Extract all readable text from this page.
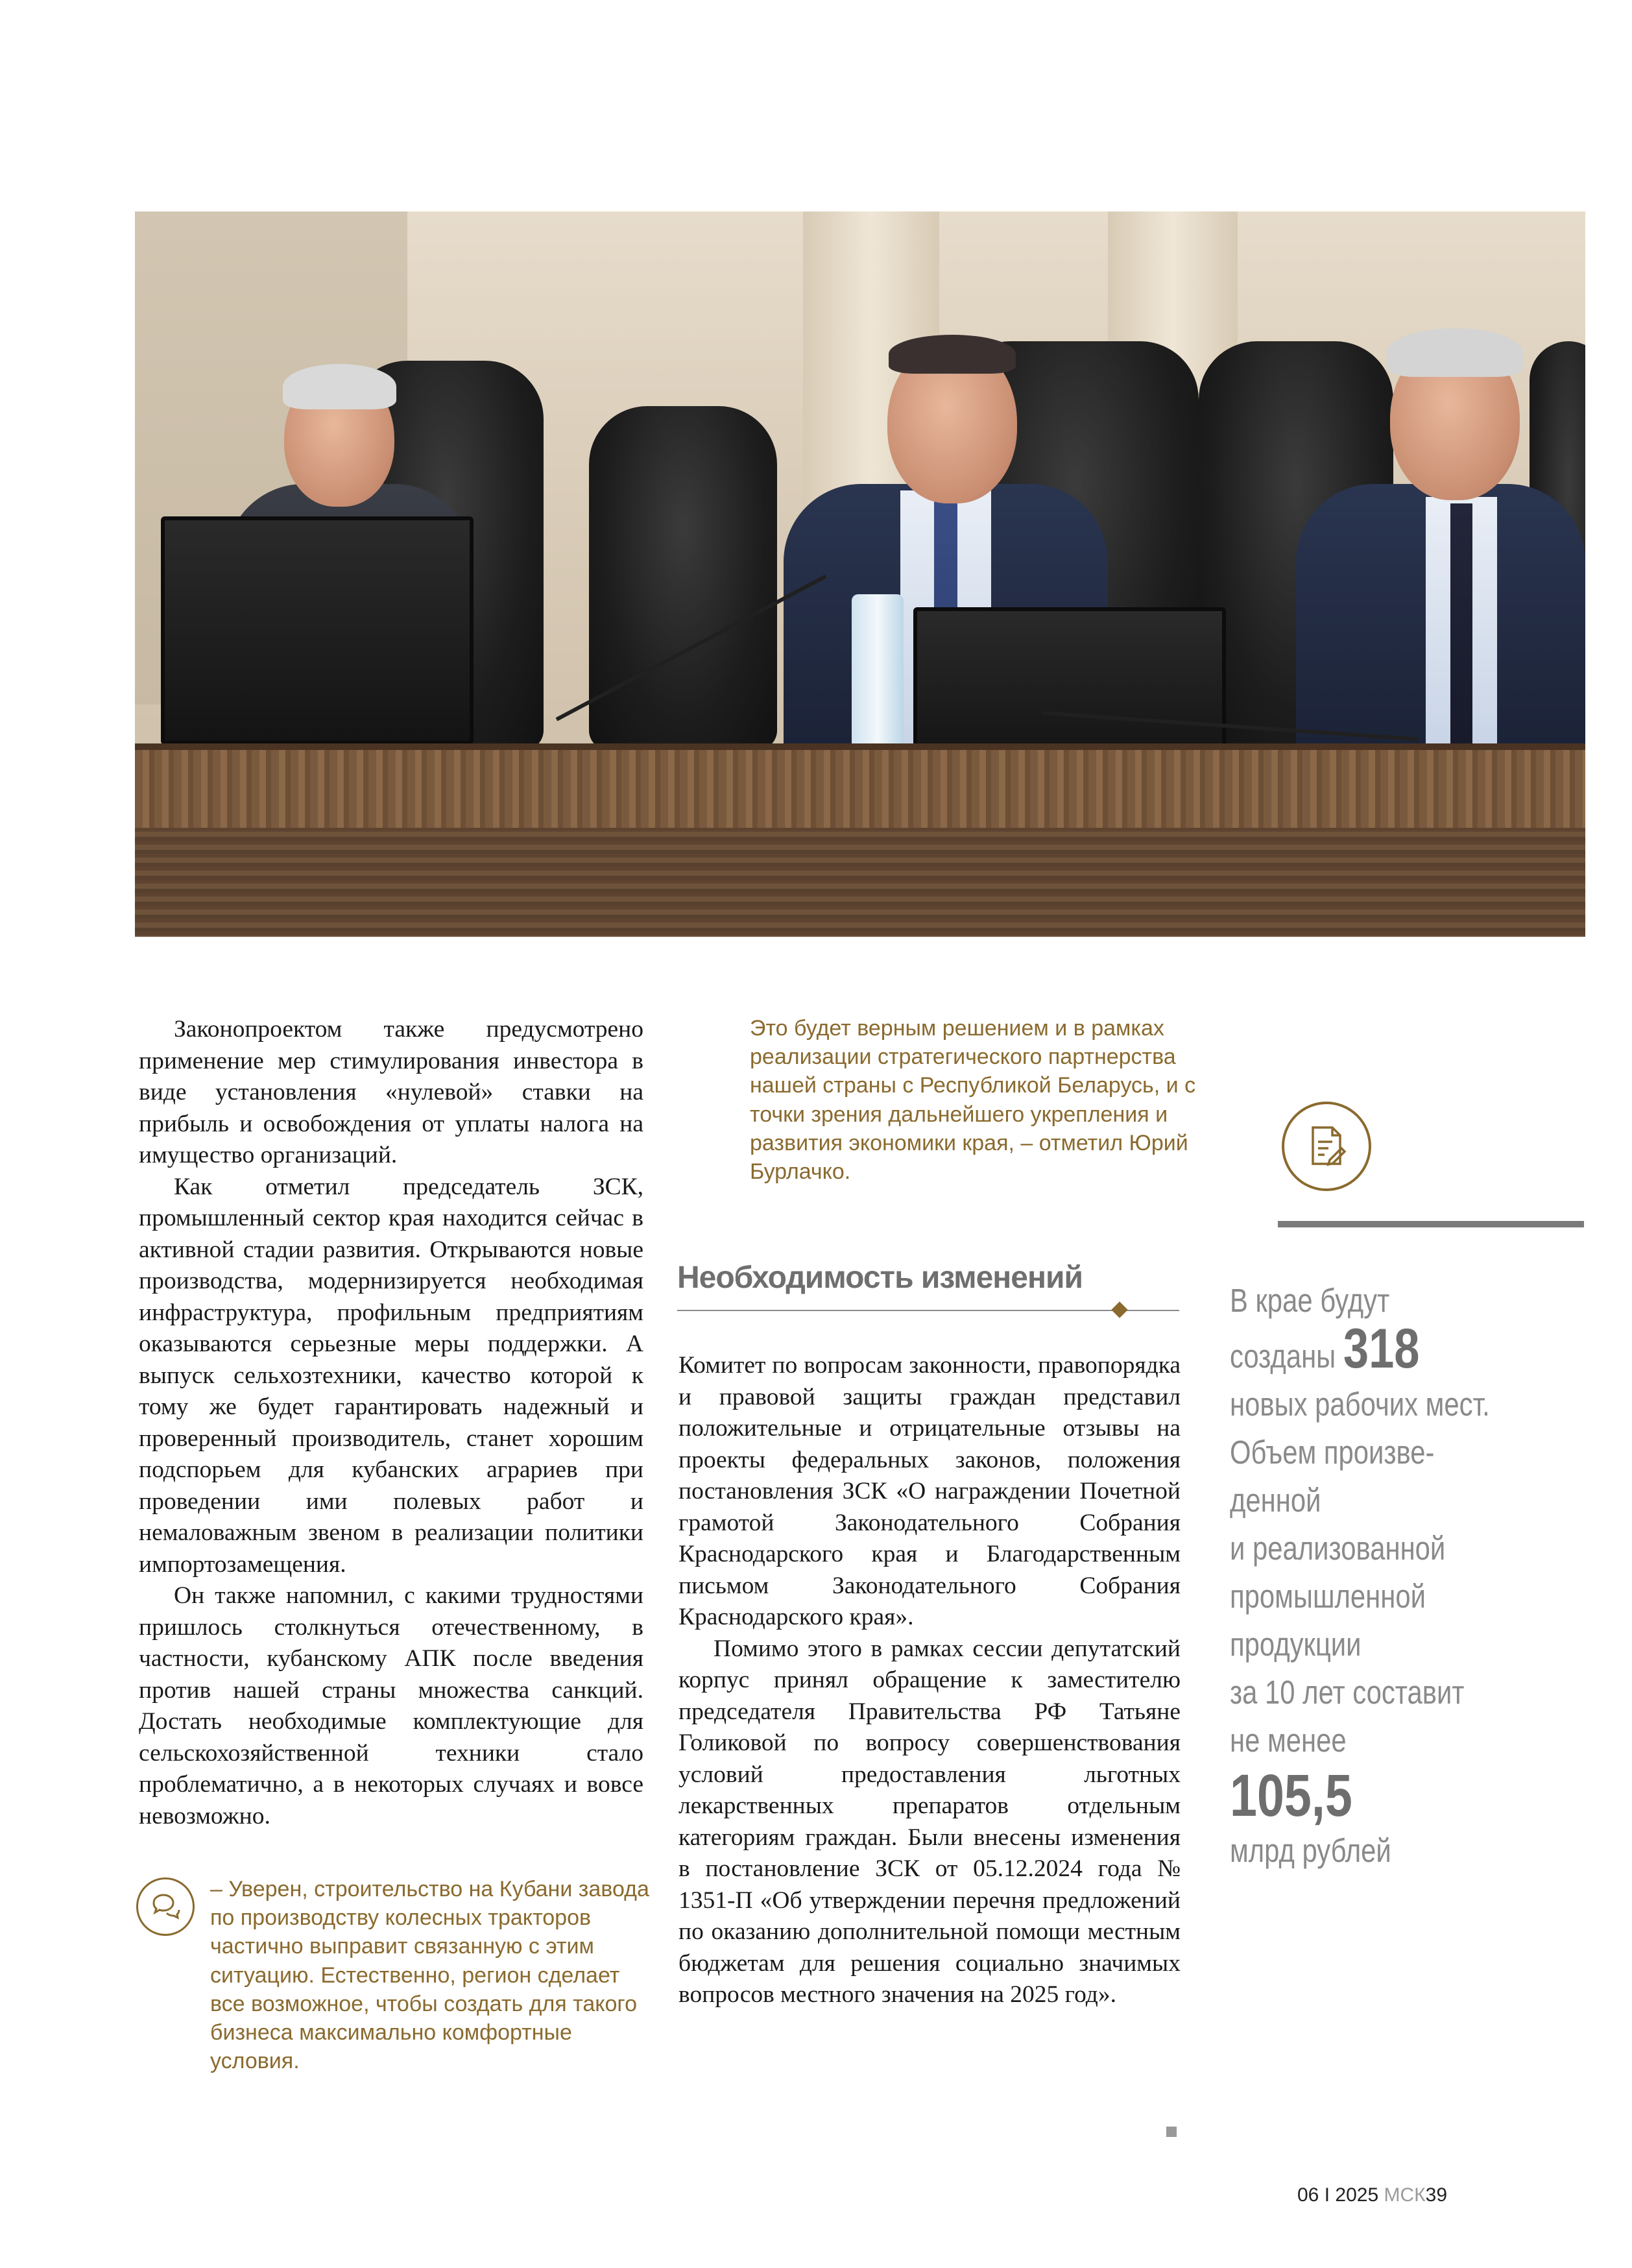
Законопроектом также предусмотрено применение мер стимулирования инвестора в виде установления «нулевой» ставки на прибыль и освобождения от уплаты налога на имущество организаций.

Как отметил председатель ЗСК, промышленный сектор края находится сейчас в активной стадии развития. Открываются новые производства, модернизируется необходимая инфраструктура, профильным предприятиям оказываются серьезные меры поддержки. А выпуск сельхозтехники, качество которой к тому же будет гарантировать надежный и проверенный производитель, станет хорошим подспорьем для кубанских аграриев при проведении ими полевых работ и немаловажным звеном в реализации политики импортозамещения.

Он также напомнил, с какими трудностями пришлось столкнуться отечественному, в частности, кубанскому АПК после введения против нашей страны множества санкций. Достать необходимые комплектующие для сельскохозяйственной техники стало проблематично, а в некоторых случаях и вовсе невозможно.

– Уверен, строительство на Кубани завода по производству колесных тракторов частично выправит связанную с этим ситуацию. Естественно, регион сделает все возможное, чтобы создать для такого бизнеса максимально комфортные условия.
Это будет верным решением и в рамках реализации стратегического партнерства нашей страны с Республикой Беларусь, и с точки зрения дальнейшего укрепления и развития экономики края, – отметил Юрий Бурлачко.
Необходимость изменений

Комитет по вопросам законности, правопорядка и правовой защиты граждан представил положительные и отрицательные отзывы на проекты федеральных законов, положения постановления ЗСК «О награждении Почетной грамотой Законодательного Собрания Краснодарского края и Благодарственным письмом Законодательного Собрания Краснодарского края».

Помимо этого в рамках сессии депутатский корпус принял обращение к заместителю председателя Правительства РФ Татьяне Голиковой по вопросу совершенствования условий предоставления льготных лекарственных препаратов отдельным категориям граждан. Были внесены изменения в постановление ЗСК от 05.12.2024 года № 1351-П «Об утверждении перечня предложений по оказанию дополнительной помощи местным бюджетам для решения социально значимых вопросов местного значения на 2025 год».

В крае будут
созданы 318
новых рабочих мест.
Объем произве-
денной
и реализованной
промышленной
продукции
за 10 лет составит
не менее
105,5
млрд рублей
06 I 2025 МСК39
